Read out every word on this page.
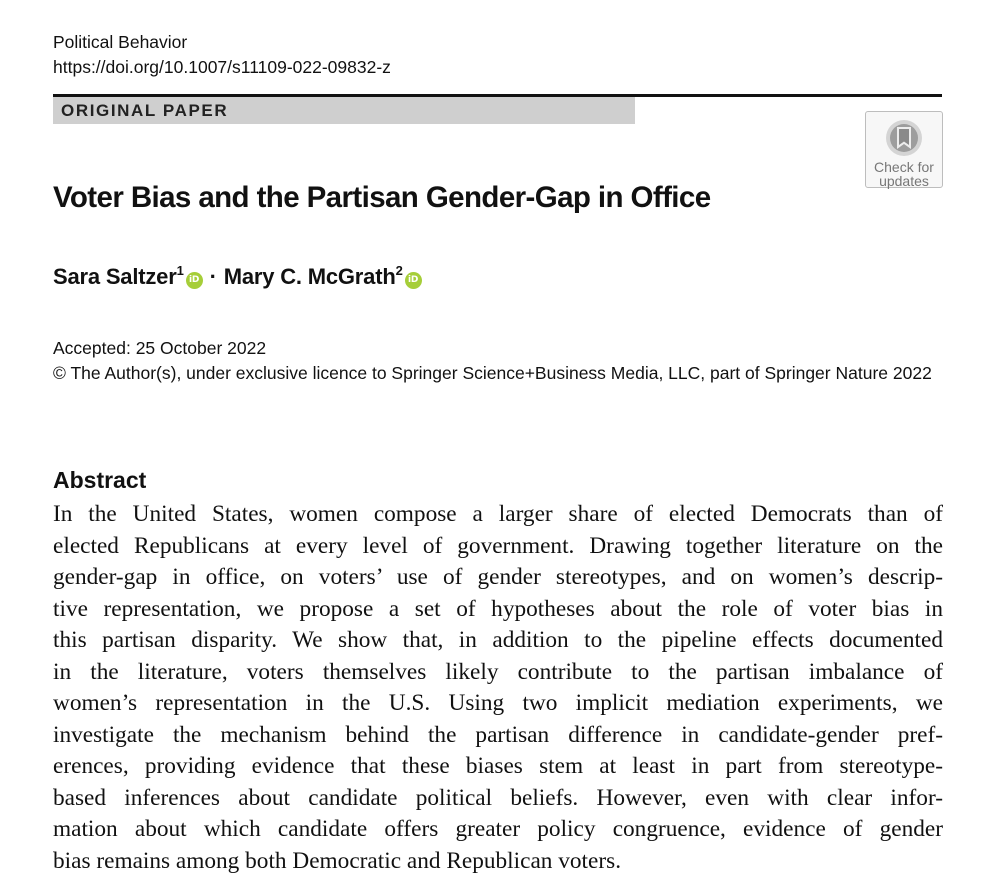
Political Behavior
https://doi.org/10.1007/s11109-022-09832-z
ORIGINAL PAPER
Check for
updates
Voter Bias and the Partisan Gender-Gap in Office
Sara Saltzer$^1$iD · Mary C. McGrath$^2$iD
Accepted: 25 October 2022
© The Author(s), under exclusive licence to Springer Science+Business Media, LLC, part of Springer Nature 2022
Abstract
In the United States, women compose a larger share of elected Democrats than of
elected Republicans at every level of government. Drawing together literature on the
gender-gap in office, on voters’ use of gender stereotypes, and on women’s descrip-
tive representation, we propose a set of hypotheses about the role of voter bias in
this partisan disparity. We show that, in addition to the pipeline effects documented
in the literature, voters themselves likely contribute to the partisan imbalance of
women’s representation in the U.S. Using two implicit mediation experiments, we
investigate the mechanism behind the partisan difference in candidate-gender pref-
erences, providing evidence that these biases stem at least in part from stereotype-
based inferences about candidate political beliefs. However, even with clear infor-
mation about which candidate offers greater policy congruence, evidence of gender
bias remains among both Democratic and Republican voters.
